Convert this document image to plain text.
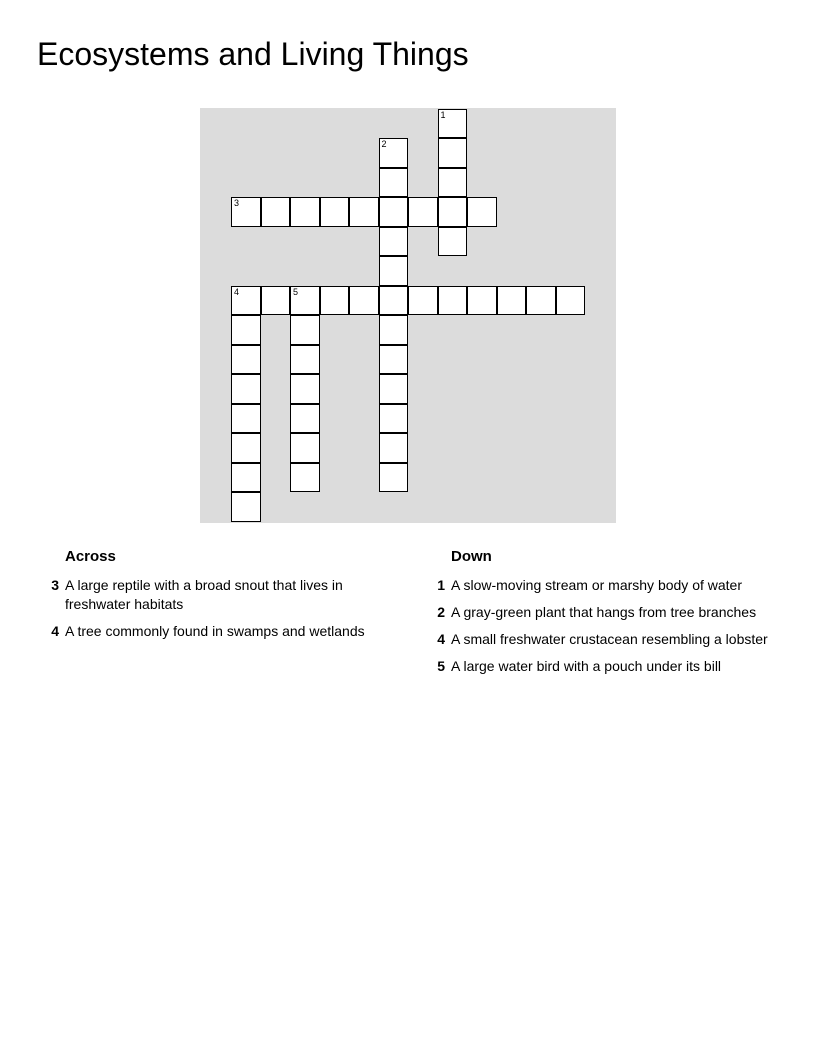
Ecosystems and Living Things
1
2
3
4	5
Across
3 A large reptile with a broad snout that lives in freshwater habitats
4 A tree commonly found in swamps and wetlands
Down
1 A slow-moving stream or marshy body of water
2 A gray-green plant that hangs from tree branches
4 A small freshwater crustacean resembling a lobster
5 A large water bird with a pouch under its bill
